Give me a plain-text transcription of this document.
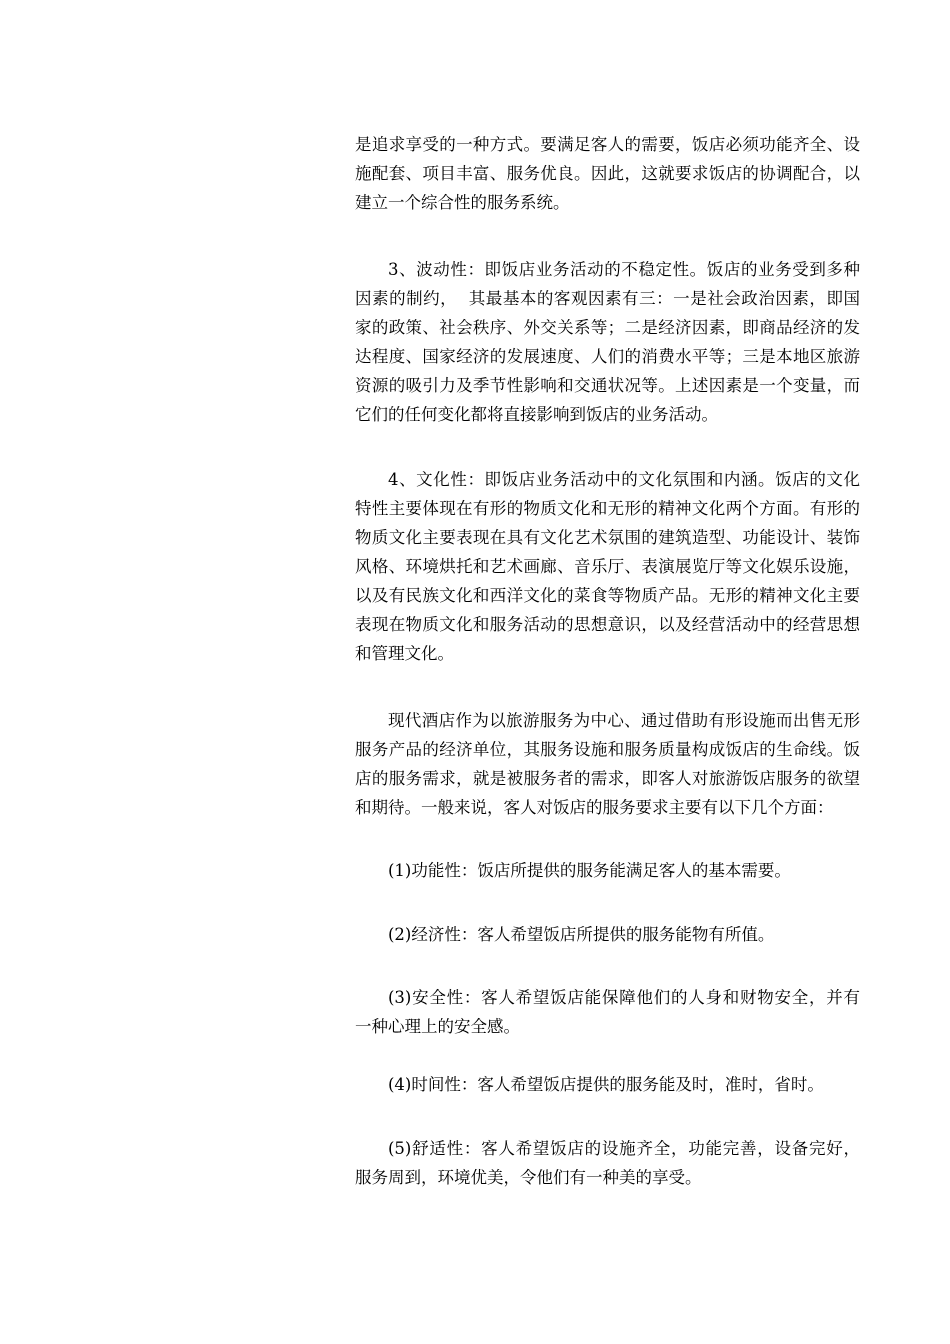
是追求享受的一种方式。要满足客人的需要，饭店必须功能齐全、设
施配套、项目丰富、服务优良。因此，这就要求饭店的协调配合，以
建立一个综合性的服务系统。
3、波动性：即饭店业务活动的不稳定性。饭店的业务受到多种
因素的制约，  其最基本的客观因素有三：一是社会政治因素，即国
家的政策、社会秩序、外交关系等；二是经济因素，即商品经济的发
达程度、国家经济的发展速度、人们的消费水平等；三是本地区旅游
资源的吸引力及季节性影响和交通状况等。上述因素是一个变量，而
它们的任何变化都将直接影响到饭店的业务活动。
4、文化性：即饭店业务活动中的文化氛围和内涵。饭店的文化
特性主要体现在有形的物质文化和无形的精神文化两个方面。有形的
物质文化主要表现在具有文化艺术氛围的建筑造型、功能设计、装饰
风格、环境烘托和艺术画廊、音乐厅、表演展览厅等文化娱乐设施，
以及有民族文化和西洋文化的菜食等物质产品。无形的精神文化主要
表现在物质文化和服务活动的思想意识，以及经营活动中的经营思想
和管理文化。
现代酒店作为以旅游服务为中心、通过借助有形设施而出售无形
服务产品的经济单位，其服务设施和服务质量构成饭店的生命线。饭
店的服务需求，就是被服务者的需求，即客人对旅游饭店服务的欲望
和期待。一般来说，客人对饭店的服务要求主要有以下几个方面：
(1)功能性：饭店所提供的服务能满足客人的基本需要。
(2)经济性：客人希望饭店所提供的服务能物有所值。
(3)安全性：客人希望饭店能保障他们的人身和财物安全，并有
一种心理上的安全感。
(4)时间性：客人希望饭店提供的服务能及时，准时，省时。
(5)舒适性：客人希望饭店的设施齐全，功能完善，设备完好，
服务周到，环境优美，令他们有一种美的享受。
